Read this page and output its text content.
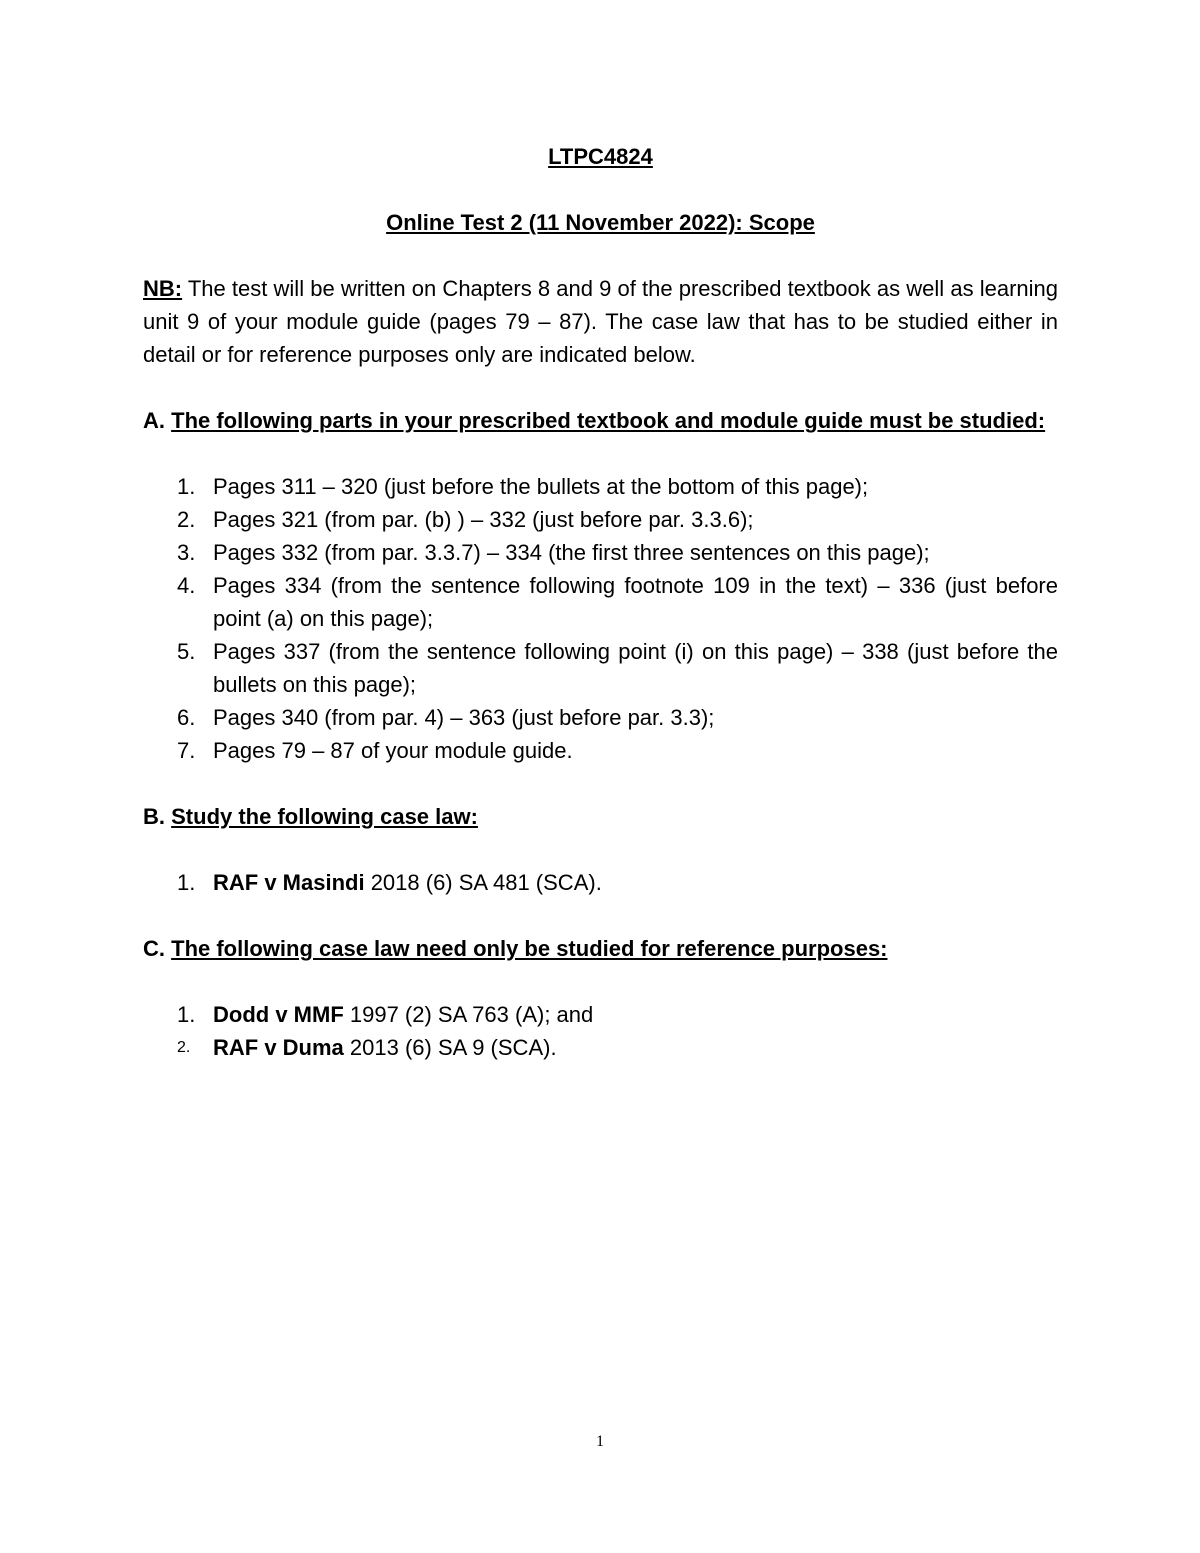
LTPC4824

Online Test 2 (11 November 2022): Scope

NB: The test will be written on Chapters 8 and 9 of the prescribed textbook as well as learning unit 9 of your module guide (pages 79 – 87). The case law that has to be studied either in detail or for reference purposes only are indicated below.

A. The following parts in your prescribed textbook and module guide must be studied:

1. Pages 311 – 320 (just before the bullets at the bottom of this page);
2. Pages 321 (from par. (b) ) – 332 (just before par. 3.3.6);
3. Pages 332 (from par. 3.3.7) – 334 (the first three sentences on this page);
4. Pages 334 (from the sentence following footnote 109 in the text) – 336 (just before point (a) on this page);
5. Pages 337 (from the sentence following point (i) on this page) – 338 (just before the bullets on this page);
6. Pages 340 (from par. 4) – 363 (just before par. 3.3);
7. Pages 79 – 87 of your module guide.

B. Study the following case law:

1. RAF v Masindi 2018 (6) SA 481 (SCA).

C. The following case law need only be studied for reference purposes:

1. Dodd v MMF 1997 (2) SA 763 (A); and
2. RAF v Duma 2013 (6) SA 9 (SCA).
1
